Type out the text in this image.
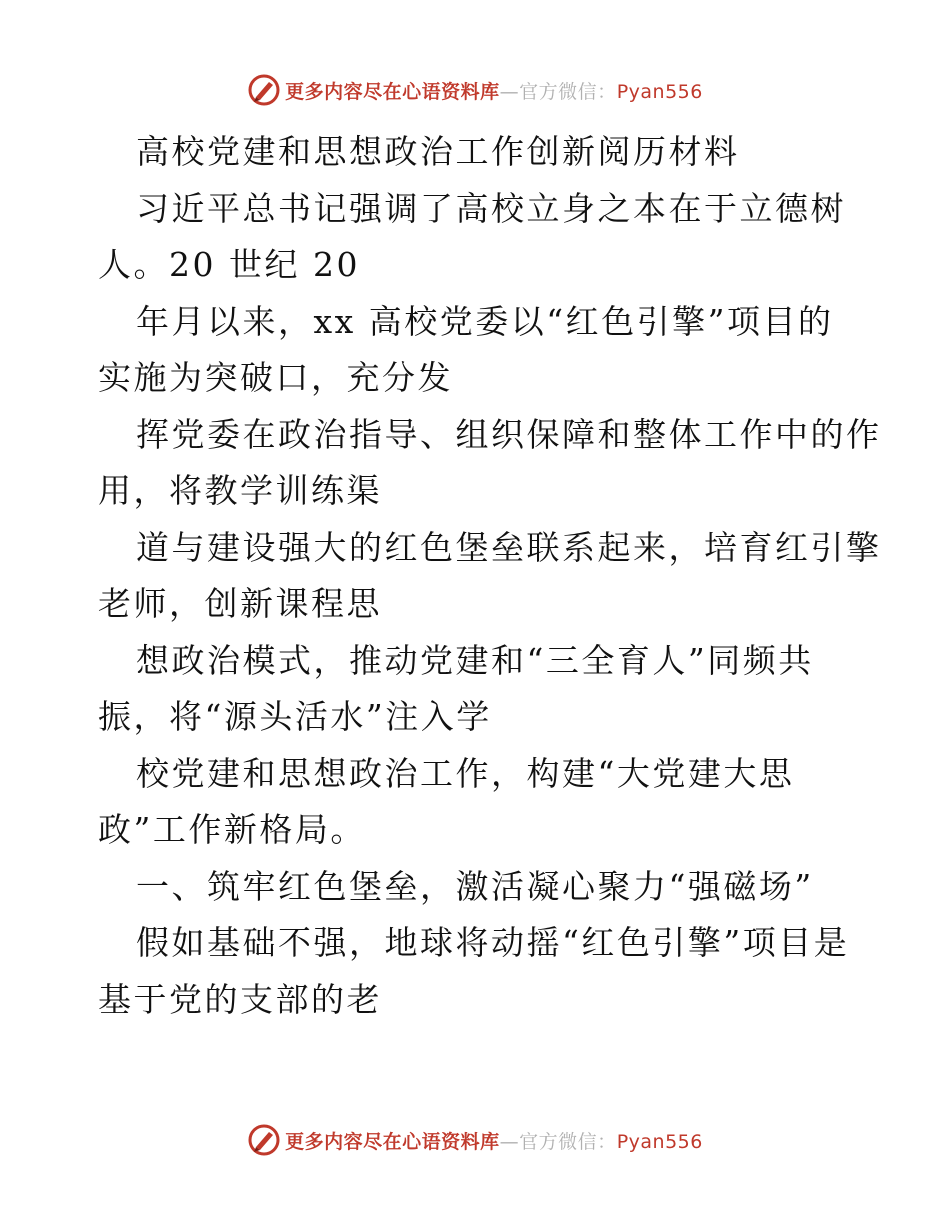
更多内容尽在心语资料库—官方微信：Pyan556
高校党建和思想政治工作创新阅历材料
习近平总书记强调了高校立身之本在于立德树
人。20 世纪 20
年月以来，xx 高校党委以“红色引擎”项目的
实施为突破口，充分发
挥党委在政治指导、组织保障和整体工作中的作
用，将教学训练渠
道与建设强大的红色堡垒联系起来，培育红引擎
老师，创新课程思
想政治模式，推动党建和“三全育人”同频共
振，将“源头活水”注入学
校党建和思想政治工作，构建“大党建大思
政”工作新格局。
一、筑牢红色堡垒，激活凝心聚力“强磁场”
假如基础不强，地球将动摇“红色引擎”项目是
基于党的支部的老
更多内容尽在心语资料库—官方微信：Pyan556
